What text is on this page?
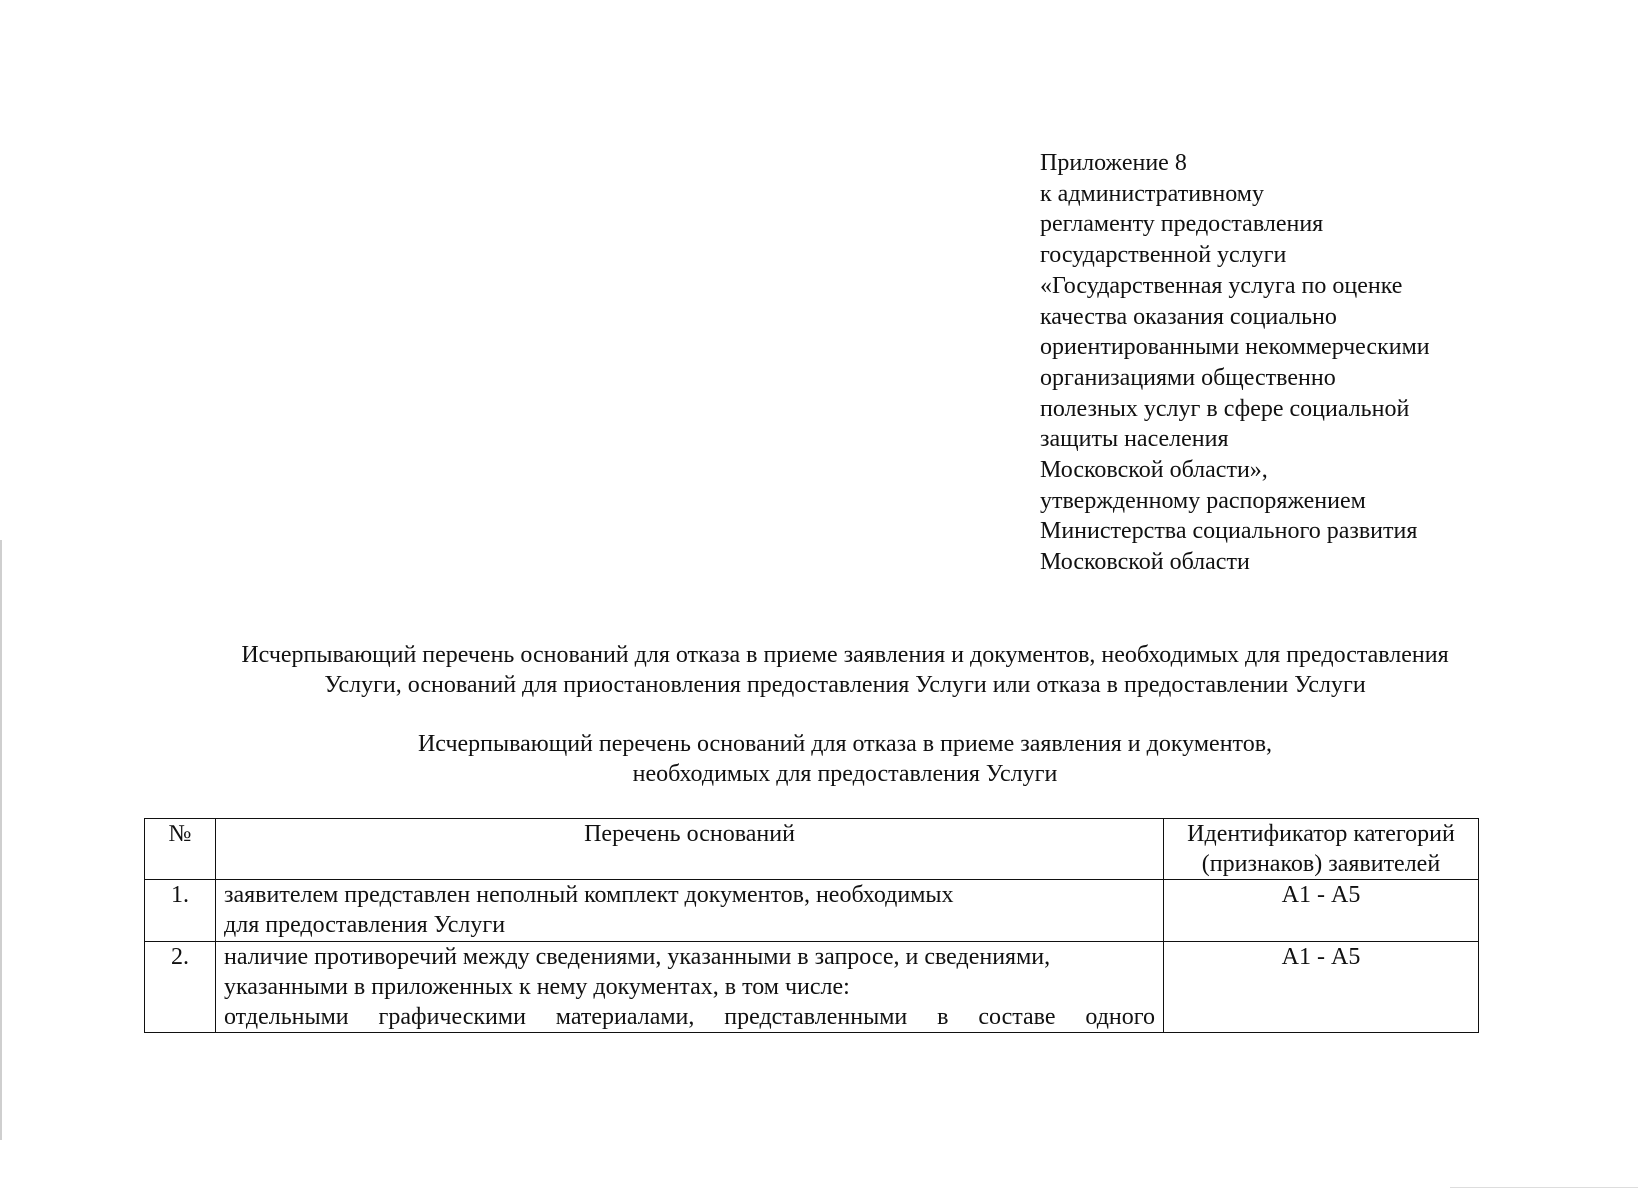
Приложение 8
к административному
регламенту предоставления
государственной услуги
«Государственная услуга по оценке
качества оказания социально
ориентированными некоммерческими
организациями общественно
полезных услуг в сфере социальной
защиты населения
Московской области»,
утвержденному распоряжением
Министерства социального развития
Московской области
Исчерпывающий перечень оснований для отказа в приеме заявления и документов, необходимых для предоставления
Услуги, оснований для приостановления предоставления Услуги или отказа в предоставлении Услуги
Исчерпывающий перечень оснований для отказа в приеме заявления и документов,
необходимых для предоставления Услуги
№	Перечень оснований	Идентификатор категорий
(признаков) заявителей

1.	заявителем представлен неполный комплект документов, необходимых
для предоставления Услуги	А1 - А5
2.	наличие противоречий между сведениями, указанными в запросе, и сведениями,
указанными в приложенных к нему документах, в том числе:
отдельными графическими материалами, представленными в составе одного	А1 - А5
